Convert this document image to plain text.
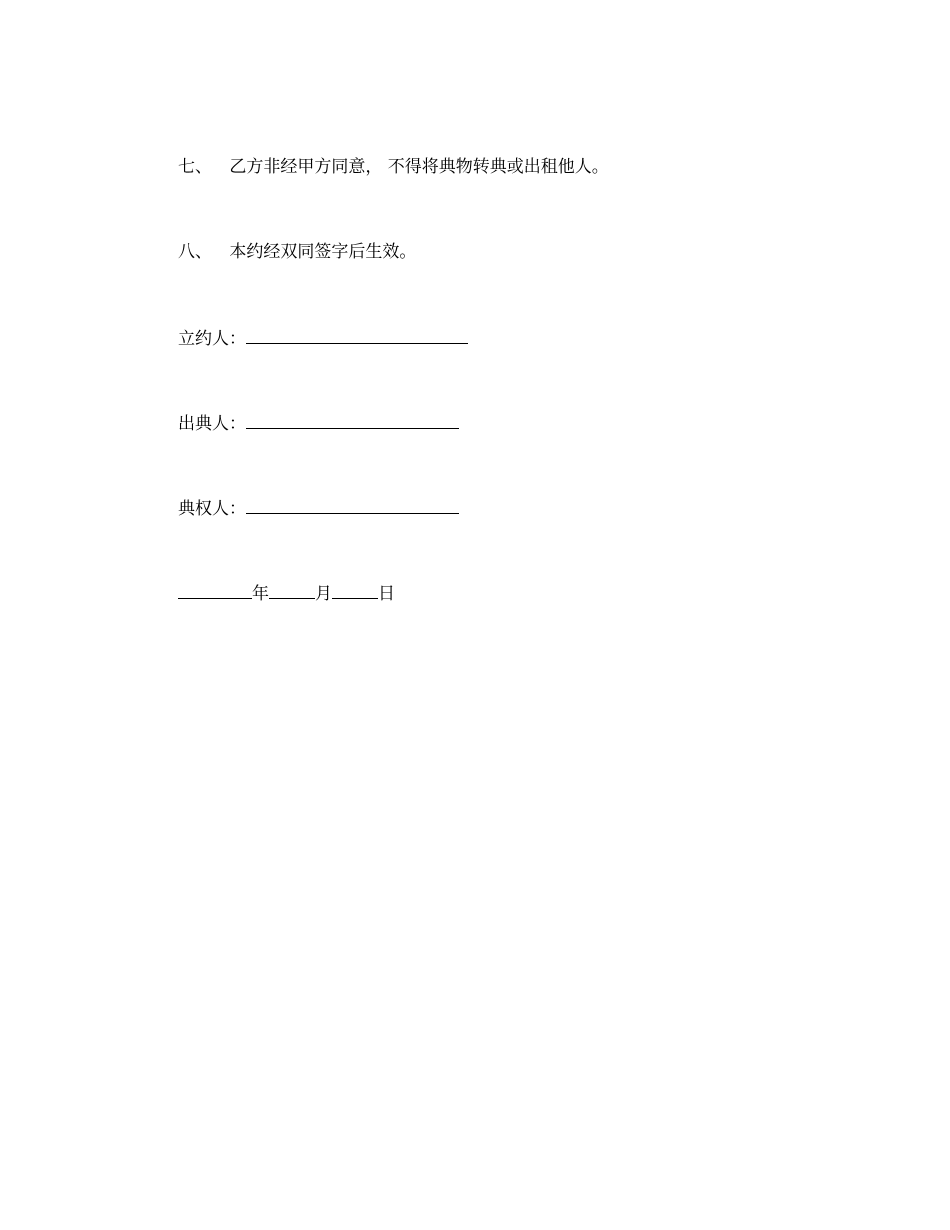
七、 乙方非经甲方同意， 不得将典物转典或出租他人。
八、 本约经双同签字后生效。
立约人：
出典人：
典权人：
年	月	日
